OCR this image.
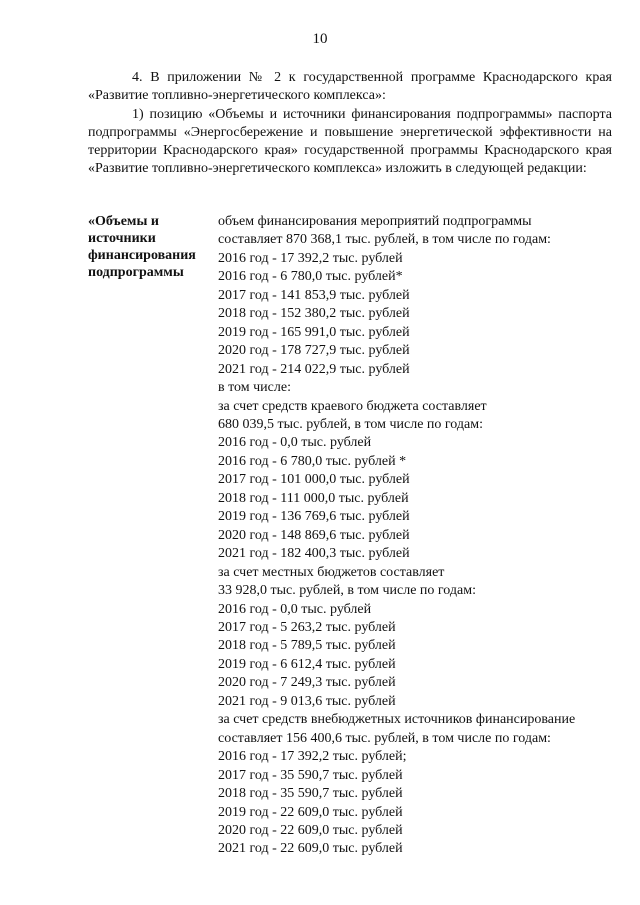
10

4. В приложении № 2 к государственной программе Краснодарского края «Развитие топливно-энергетического комплекса»:

1) позицию «Объемы и источники финансирования подпрограммы» паспорта подпрограммы «Энергосбережение и повышение энергетической эффективности на территории Краснодарского края» государственной программы Краснодарского края «Развитие топливно-энергетического комплекса» изложить в следующей редакции:

«Объемы и
источники
финансирования
подпрограммы
объем финансирования мероприятий подпрограммы
составляет 870 368,1 тыс. рублей, в том числе по годам:
2016 год - 17 392,2 тыс. рублей
2016 год - 6 780,0 тыс. рублей*
2017 год - 141 853,9 тыс. рублей
2018 год - 152 380,2 тыс. рублей
2019 год - 165 991,0 тыс. рублей
2020 год - 178 727,9 тыс. рублей
2021 год - 214 022,9 тыс. рублей
в том числе:
за счет средств краевого бюджета составляет
680 039,5 тыс. рублей, в том числе по годам:
2016 год - 0,0 тыс. рублей
2016 год - 6 780,0 тыс. рублей *
2017 год - 101 000,0 тыс. рублей
2018 год - 111 000,0 тыс. рублей
2019 год - 136 769,6 тыс. рублей
2020 год - 148 869,6 тыс. рублей
2021 год - 182 400,3 тыс. рублей
за счет местных бюджетов составляет
33 928,0 тыс. рублей, в том числе по годам:
2016 год - 0,0 тыс. рублей
2017 год - 5 263,2 тыс. рублей
2018 год - 5 789,5 тыс. рублей
2019 год - 6 612,4 тыс. рублей
2020 год - 7 249,3 тыс. рублей
2021 год - 9 013,6 тыс. рублей
за счет средств внебюджетных источников финансирование
составляет 156 400,6 тыс. рублей, в том числе по годам:
2016 год - 17 392,2 тыс. рублей;
2017 год - 35 590,7 тыс. рублей
2018 год - 35 590,7 тыс. рублей
2019 год - 22 609,0 тыс. рублей
2020 год - 22 609,0 тыс. рублей
2021 год - 22 609,0 тыс. рублей
